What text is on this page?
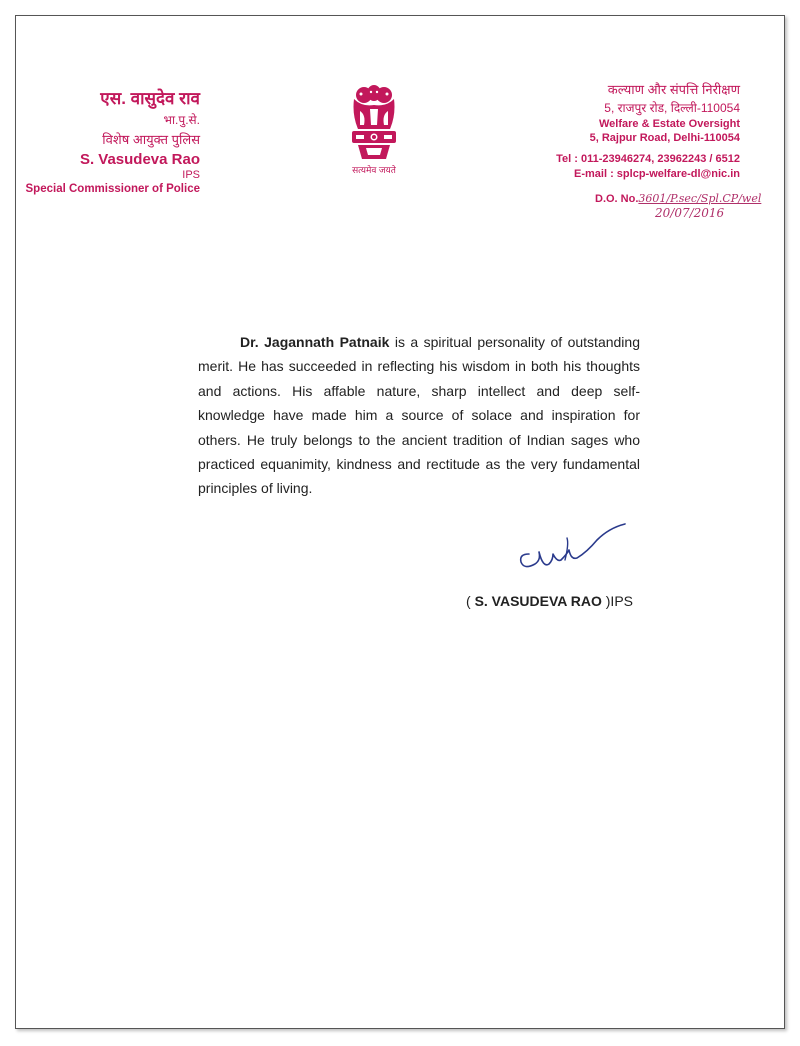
एस. वासुदेव राव
भा.पु.से.
विशेष आयुक्त पुलिस
S. Vasudeva Rao
IPS
Special Commissioner of Police
सत्यमेव जयते
कल्याण और संपत्ति निरीक्षण
5, राजपुर रोड, दिल्ली-110054
Welfare & Estate Oversight
5, Rajpur Road, Delhi-110054
Tel : 011-23946274, 23962243 / 6512
E-mail : splcp-welfare-dl@nic.in
D.O. No.3601/P.sec/Spl.CP/wel
20/07/2016
Dr. Jagannath Patnaik is a spiritual personality of outstanding merit. He has succeeded in reflecting his wisdom in both his thoughts and actions. His affable nature, sharp intellect and deep self-knowledge have made him a source of solace and inspiration for others. He truly belongs to the ancient tradition of Indian sages who practiced equanimity, kindness and rectitude as the very fundamental principles of living.
( S. VASUDEVA RAO )IPS
